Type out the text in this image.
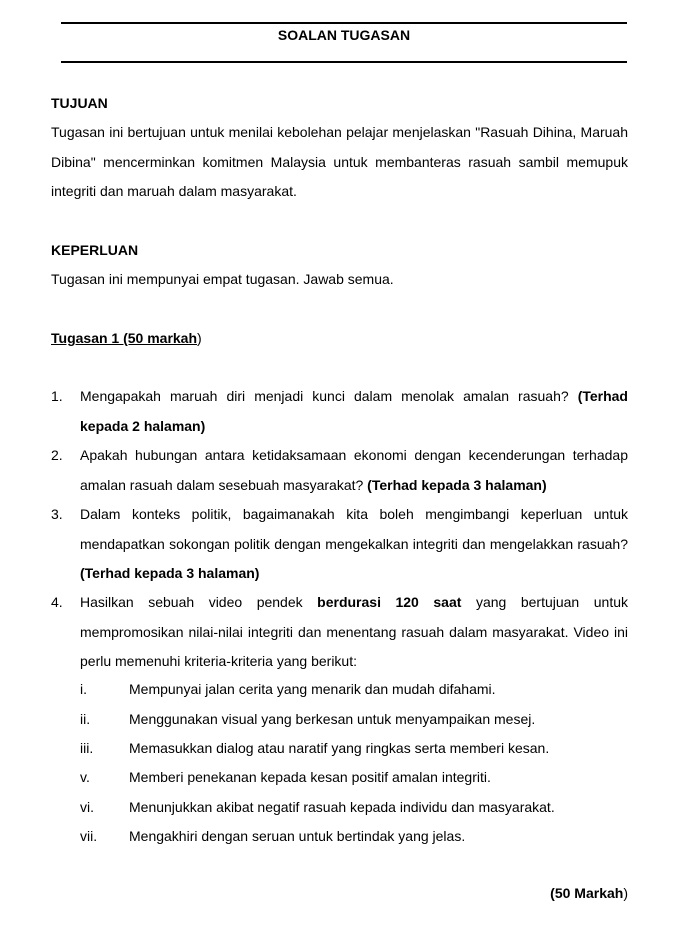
SOALAN TUGASAN
TUJUAN
Tugasan ini bertujuan untuk menilai kebolehan pelajar menjelaskan "Rasuah Dihina, Maruah Dibina" mencerminkan komitmen Malaysia untuk membanteras rasuah sambil memupuk integriti dan maruah dalam masyarakat.
KEPERLUAN
Tugasan ini mempunyai empat tugasan. Jawab semua.
Tugasan 1 (50 markah)
1. Mengapakah maruah diri menjadi kunci dalam menolak amalan rasuah? (Terhad kepada 2 halaman)
2. Apakah hubungan antara ketidaksamaan ekonomi dengan kecenderungan terhadap amalan rasuah dalam sesebuah masyarakat? (Terhad kepada 3 halaman)
3. Dalam konteks politik, bagaimanakah kita boleh mengimbangi keperluan untuk mendapatkan sokongan politik dengan mengekalkan integriti dan mengelakkan rasuah? (Terhad kepada 3 halaman)
4. Hasilkan sebuah video pendek berdurasi 120 saat yang bertujuan untuk mempromosikan nilai-nilai integriti dan menentang rasuah dalam masyarakat. Video ini perlu memenuhi kriteria-kriteria yang berikut:
i.	Mempunyai jalan cerita yang menarik dan mudah difahami.
ii.	Menggunakan visual yang berkesan untuk menyampaikan mesej.
iii.	Memasukkan dialog atau naratif yang ringkas serta memberi kesan.
v.	Memberi penekanan kepada kesan positif amalan integriti.
vi.	Menunjukkan akibat negatif rasuah kepada individu dan masyarakat.
vii. Mengakhiri dengan seruan untuk bertindak yang jelas.
(50 Markah)
